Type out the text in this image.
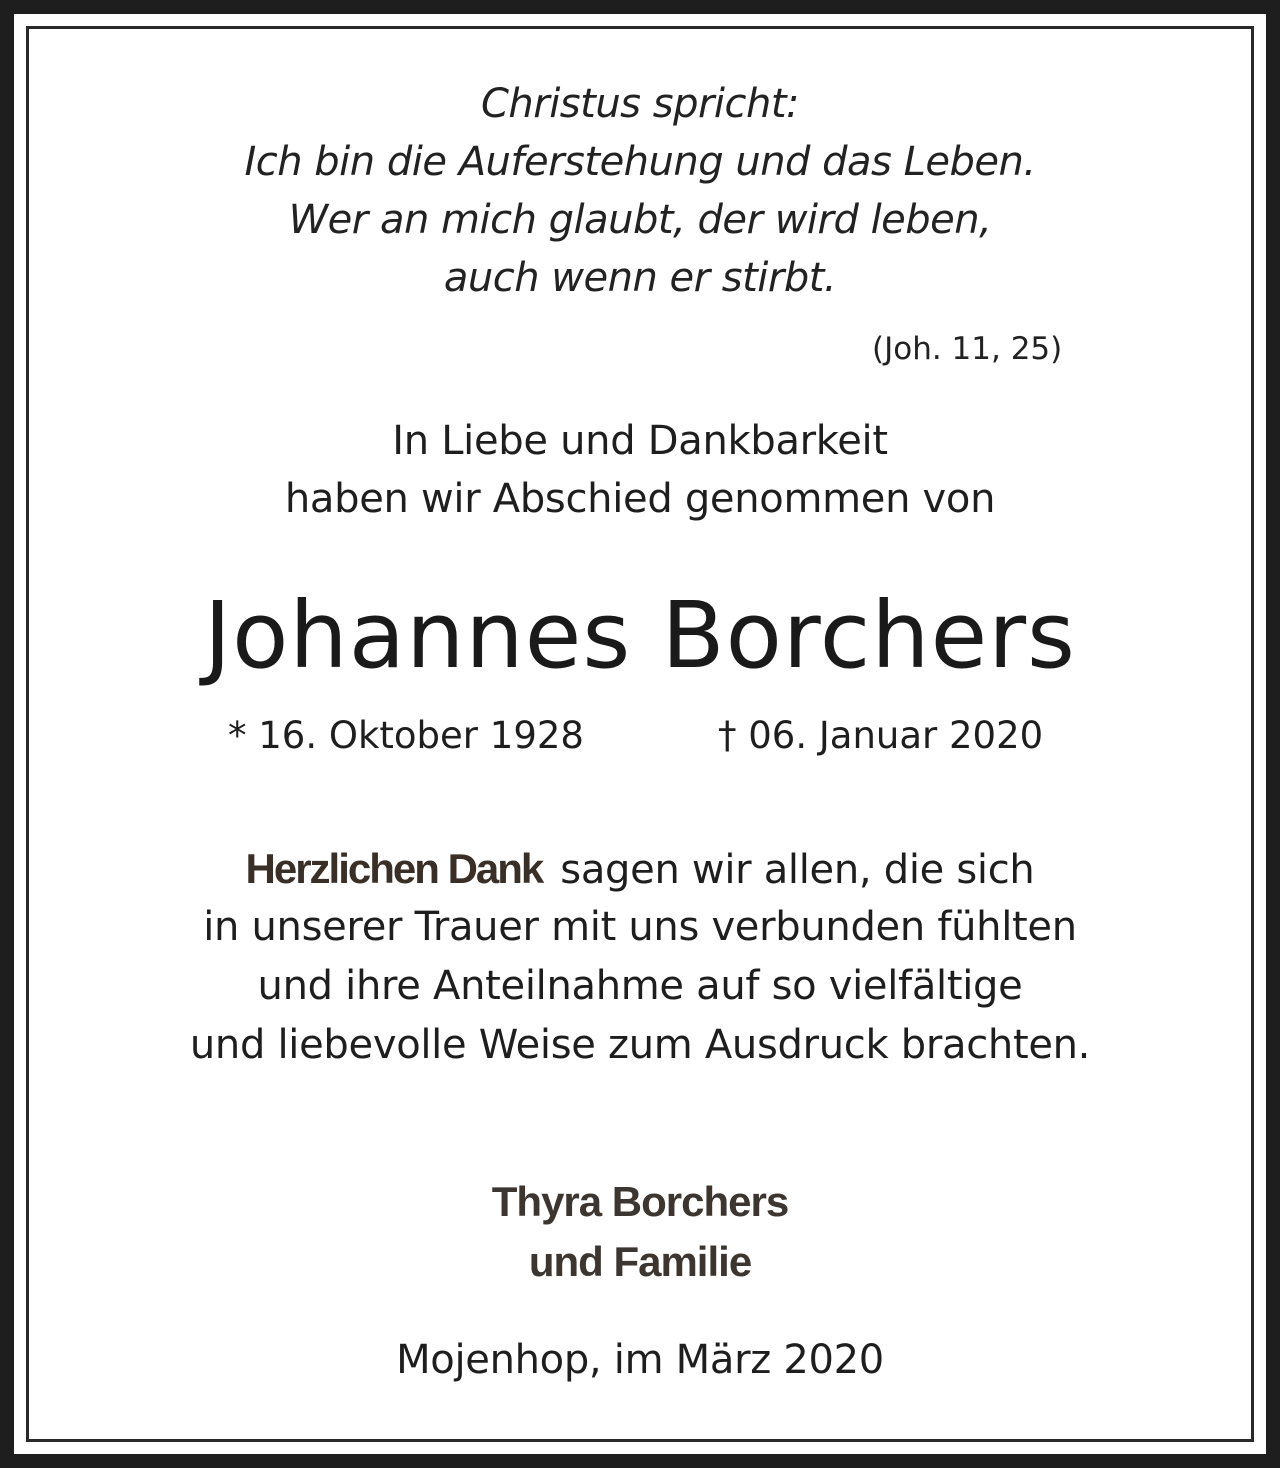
Christus spricht:
Ich bin die Auferstehung und das Leben.
Wer an mich glaubt, der wird leben,
auch wenn er stirbt.
(Joh. 11, 25)
In Liebe und Dankbarkeit
haben wir Abschied genommen von
Johannes Borchers
* 16. Oktober 1928	† 06. Januar 2020
Herzlichen Dank sagen wir allen, die sich
in unserer Trauer mit uns verbunden fühlten
und ihre Anteilnahme auf so vielfältige
und liebevolle Weise zum Ausdruck brachten.
Thyra Borchers
und Familie
Mojenhop, im März 2020
